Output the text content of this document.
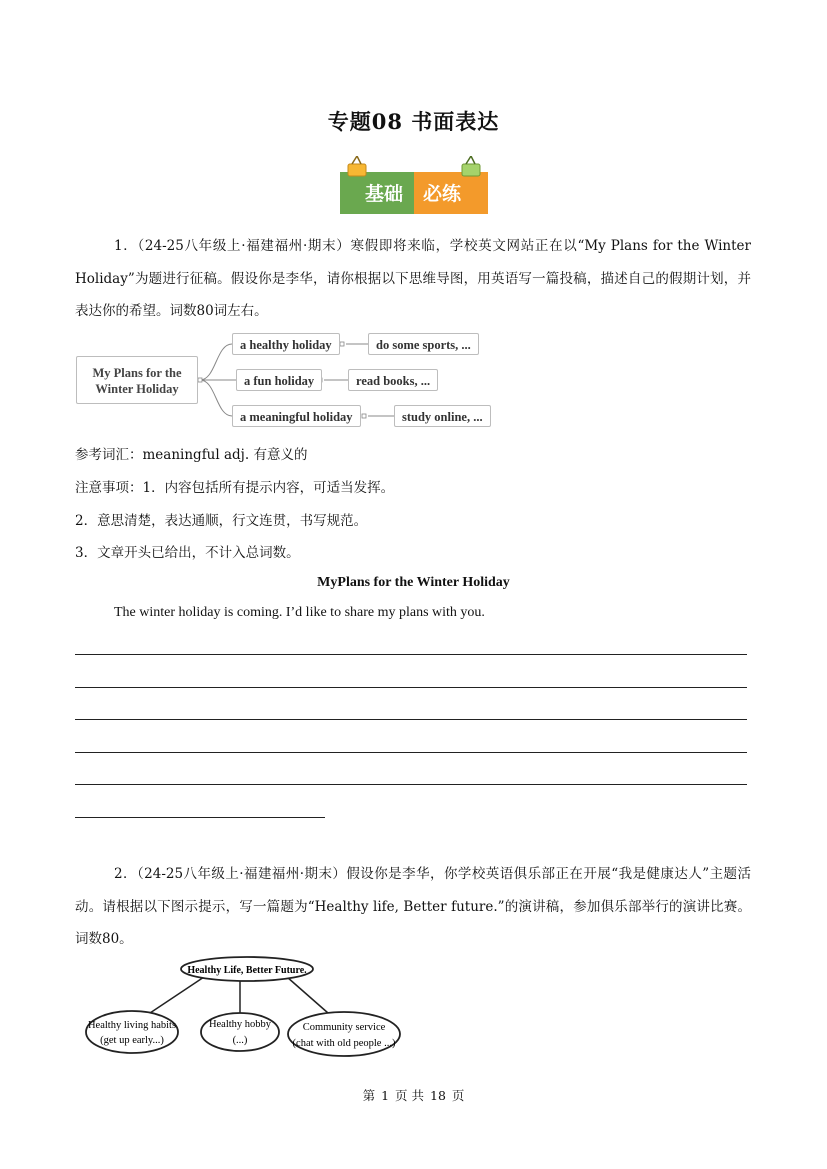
专题08 书面表达
基础 必练
1．（24-25八年级上·福建福州·期末）寒假即将来临，学校英文网站正在以“My Plans for the Winter Holiday”为题进行征稿。假设你是李华，请你根据以下思维导图，用英语写一篇投稿，描述自己的假期计划，并表达你的希望。词数80词左右。
My Plans for the
Winter Holiday
a healthy holiday	do some sports, ...
a fun holiday	read books, ...
a meaningful holiday	study online, ...
参考词汇：meaningful adj. 有意义的
注意事项：1．内容包括所有提示内容，可适当发挥。
2．意思清楚，表达通顺，行文连贯，书写规范。
3．文章开头已给出，不计入总词数。
MyPlans for the Winter Holiday
The winter holiday is coming. I’d like to share my plans with you.
2．（24-25八年级上·福建福州·期末）假设你是李华，你学校英语俱乐部正在开展“我是健康达人”主题活动。请根据以下图示提示，写一篇题为“Healthy life, Better future.”的演讲稿，参加俱乐部举行的演讲比赛。词数80。
Healthy Life, Better Future.
Healthy living habits
(get up early...)
Healthy hobby
(...)
Community service
(chat with old people ...)
第 1 页 共 18 页
